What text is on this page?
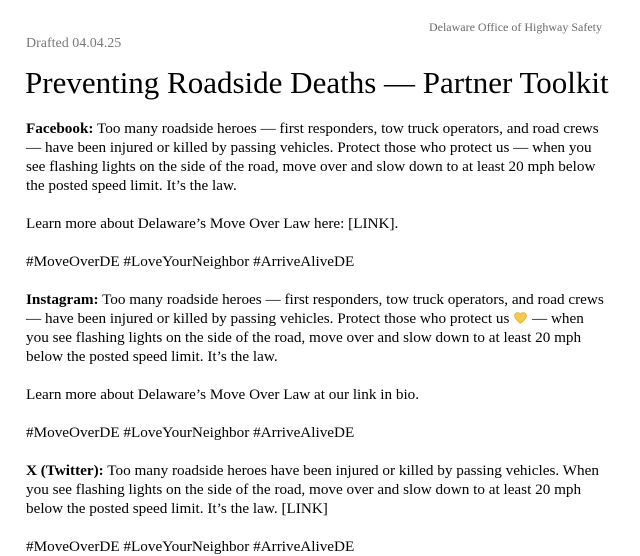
Delaware Office of Highway Safety
Drafted 04.04.25
Preventing Roadside Deaths — Partner Toolkit

Facebook: Too many roadside heroes — first responders, tow truck operators, and road crews — have been injured or killed by passing vehicles. Protect those who protect us — when you see flashing lights on the side of the road, move over and slow down to at least 20 mph below the posted speed limit. It’s the law.

Learn more about Delaware’s Move Over Law here: [LINK].

#MoveOverDE #LoveYourNeighbor #ArriveAliveDE

Instagram: Too many roadside heroes — first responders, tow truck operators, and road crews — have been injured or killed by passing vehicles. Protect those who protect us  — when you see flashing lights on the side of the road, move over and slow down to at least 20 mph below the posted speed limit. It’s the law.

Learn more about Delaware’s Move Over Law at our link in bio.

#MoveOverDE #LoveYourNeighbor #ArriveAliveDE

X (Twitter): Too many roadside heroes have been injured or killed by passing vehicles. When you see flashing lights on the side of the road, move over and slow down to at least 20 mph below the posted speed limit. It’s the law. [LINK]

#MoveOverDE #LoveYourNeighbor #ArriveAliveDE
